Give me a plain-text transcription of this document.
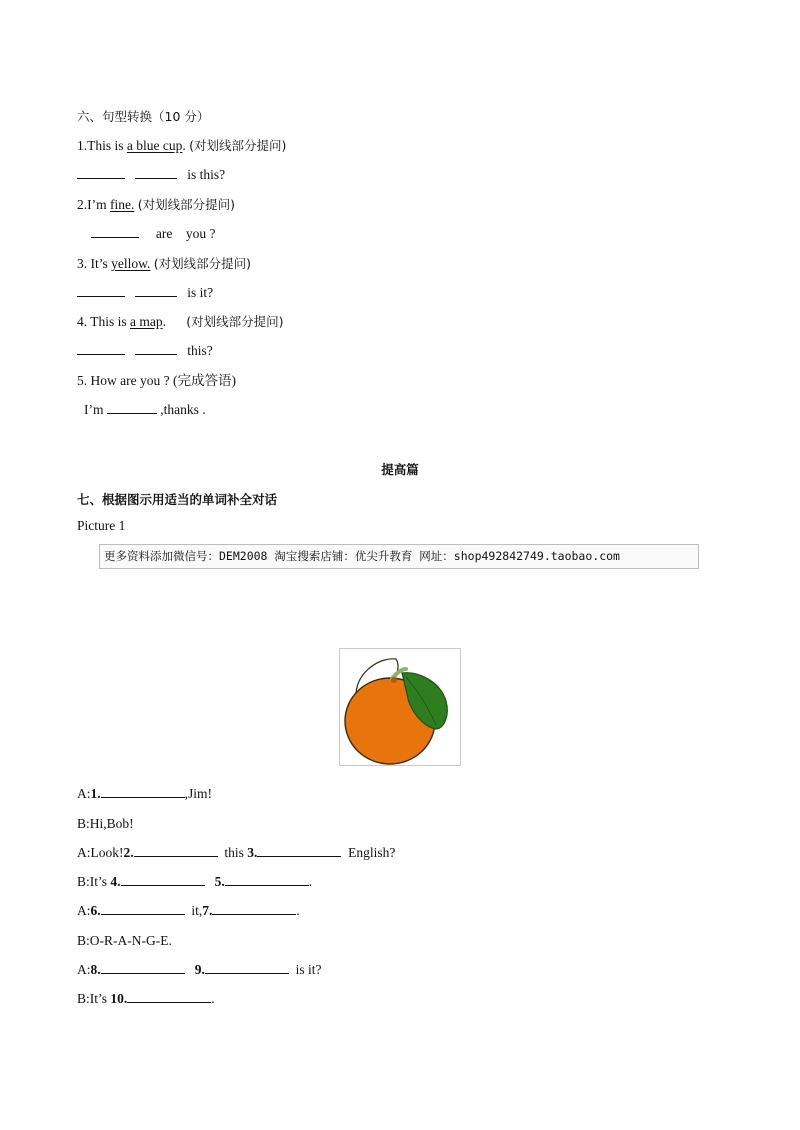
六、句型转换（10 分）
1.This is a blue cup. (对划线部分提问)
is this?
2.I’m fine. (对划线部分提问)
are you ?
3. It’s yellow. (对划线部分提问)
is it?
4. This is a map. (对划线部分提问)
this?
5. How are you ? (完成答语)
I’m	,thanks .
提高篇
七、根据图示用适当的单词补全对话
Picture 1
更多资料添加微信号：DEM2008 淘宝搜索店铺：优尖升教育 网址：shop492842749.taobao.com
A:1.	,Jim!
B:Hi,Bob!
A:Look!2.	this 3.	English?
B:It’s 4.	5.	.
A:6.	it,7.	.
B:O-R-A-N-G-E.
A:8.	9.	is it?
B:It’s 10.	.
